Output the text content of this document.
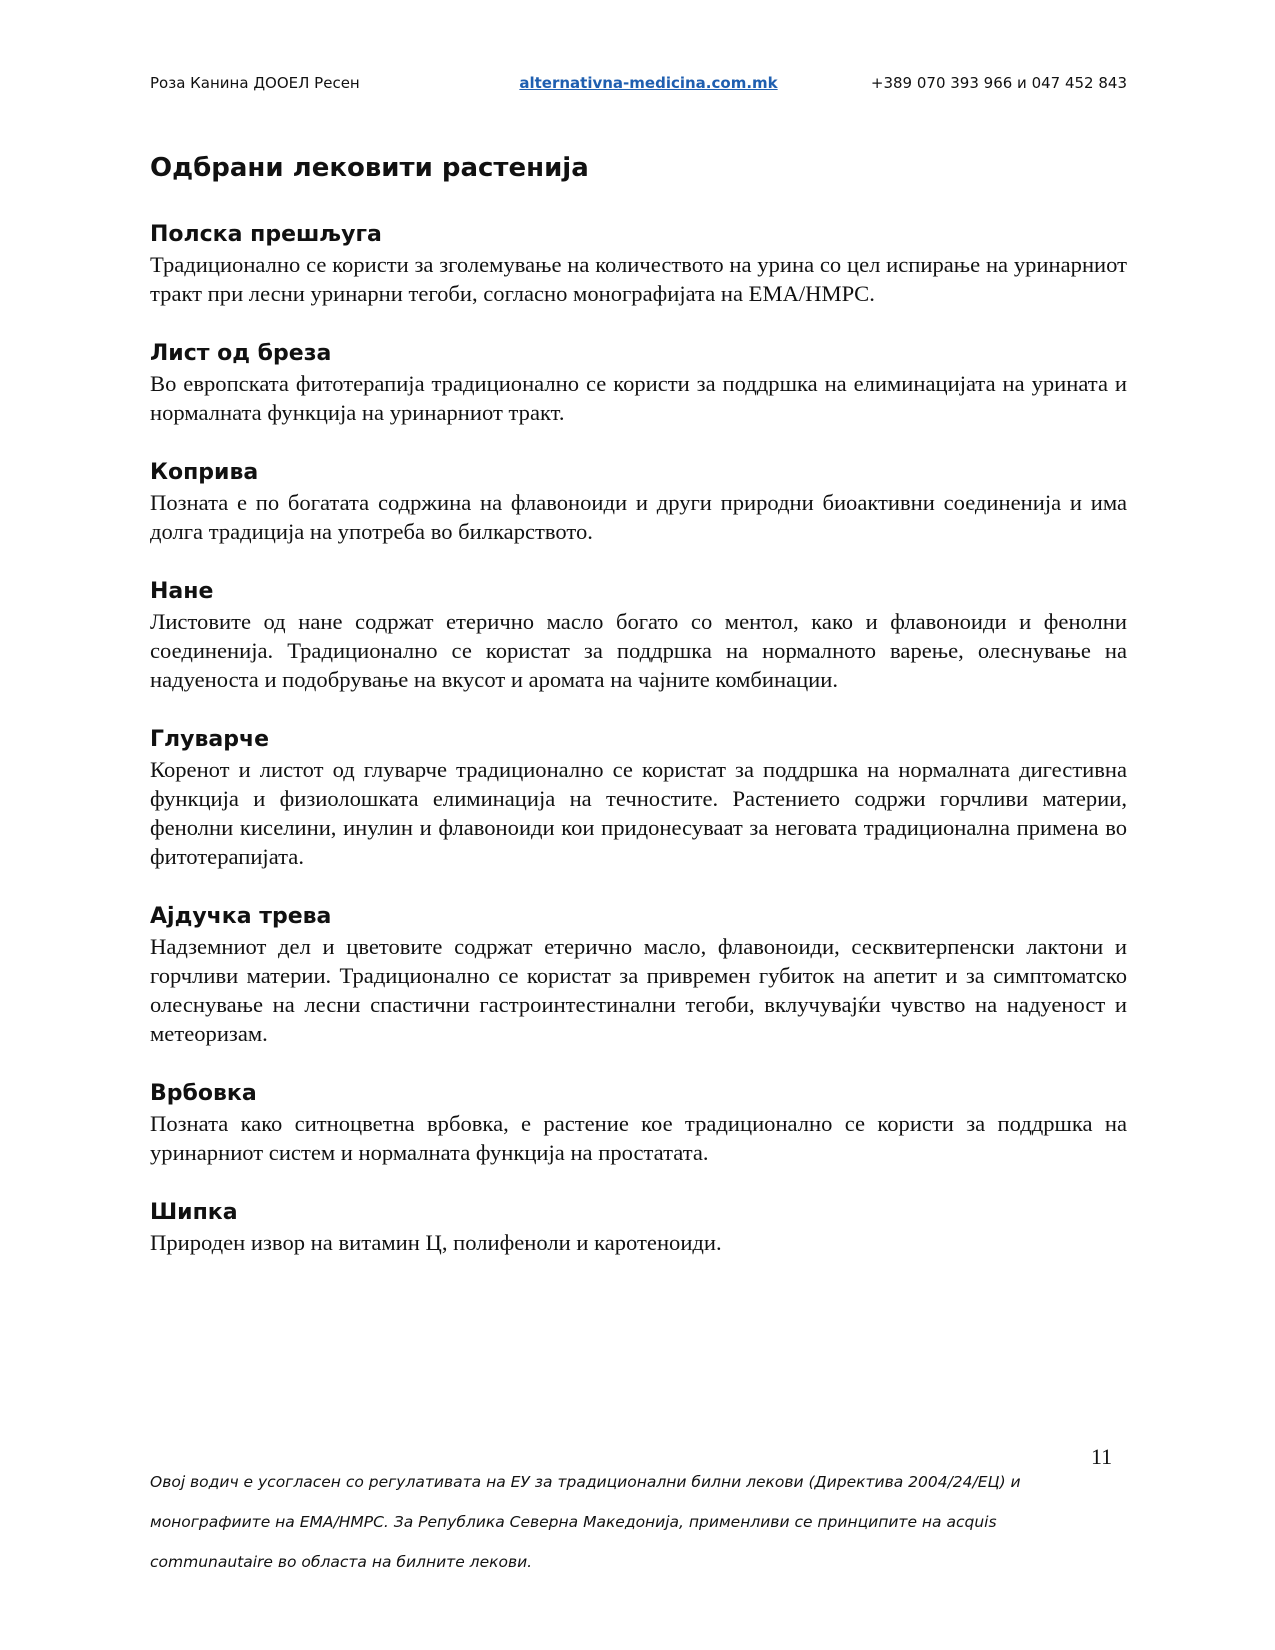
Роза Канина ДООЕЛ Ресен	alternativna-medicina.com.mk	+389 070 393 966 и 047 452 843
Одбрани лековити растенија
Полска прешљуга

Традиционално се користи за зголемување на количеството на урина со цел испирање на уринарниот тракт при лесни уринарни тегоби, согласно монографијата на ЕМА/HMPC.

Лист од бреза

Во европската фитотерапија традиционално се користи за поддршка на елиминацијата на урината и нормалната функција на уринарниот тракт.

Коприва

Позната е по богатата содржина на флавоноиди и други природни биоактивни соединенија и има долга традиција на употреба во билкарството.

Нане

Листовите од нане содржат етерично масло богато со ментол, како и флавоноиди и фенолни соединенија. Традиционално се користат за поддршка на нормалното варење, олеснување на надуеноста и подобрување на вкусот и аромата на чајните комбинации.

Глуварче

Коренот и листот од глуварче традиционално се користат за поддршка на нормалната дигестивна функција и физиолошката елиминација на течностите. Растението содржи горчливи материи, фенолни киселини, инулин и флавоноиди кои придонесуваат за неговата традиционална примена во фитотерапијата.

Ајдучка трева

Надземниот дел и цветовите содржат етерично масло, флавоноиди, сесквитерпенски лактони и горчливи материи. Традиционално се користат за привремен губиток на апетит и за симптоматско олеснување на лесни спастични гастроинтестинални тегоби, вклучувајќи чувство на надуеност и метеоризам.

Врбовка

Позната како ситноцветна врбовка, е растение кое традиционално се користи за поддршка на уринарниот систем и нормалната функција на простатата.

Шипка

Природен извор на витамин Ц, полифеноли и каротеноиди.

11

Овој водич е усогласен со регулативата на ЕУ за традиционални билни лекови (Директива 2004/24/ЕЦ) и монографиите на ЕМА/HMPC. За Република Северна Македонија, применливи се принципите на acquis communautaire во областа на билните лекови.
